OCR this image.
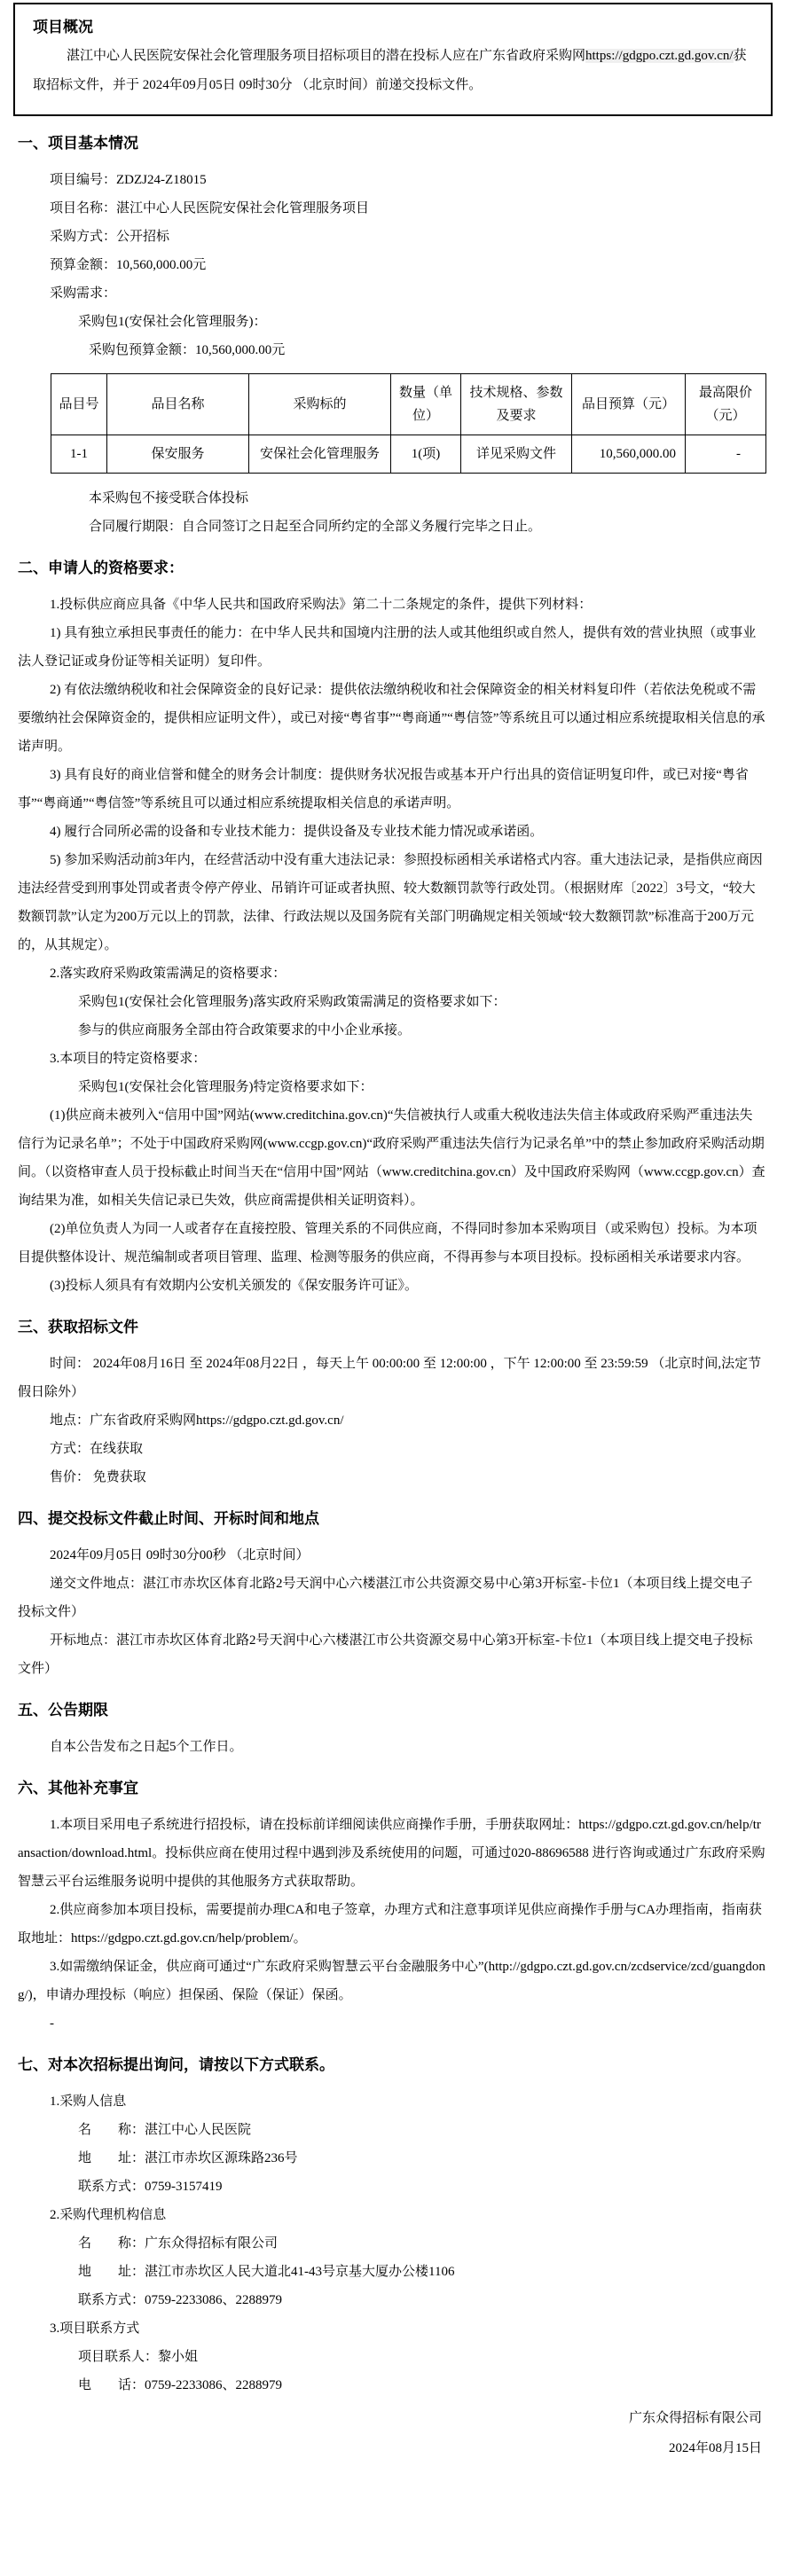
项目概况
湛江中心人民医院安保社会化管理服务项目招标项目的潜在投标人应在广东省政府采购网https://gdgpo.czt.gd.gov.cn/获取招标文件，并于 2024年09月05日 09时30分 （北京时间）前递交投标文件。
一、项目基本情况
项目编号：ZDZJ24-Z18015
项目名称：湛江中心人民医院安保社会化管理服务项目
采购方式：公开招标
预算金额：10,560,000.00元
采购需求：
采购包1(安保社会化管理服务)：
采购包预算金额：10,560,000.00元
品目号	品目名称	采购标的	数量（单位）	技术规格、参数及要求	品目预算（元）	最高限价（元）
1-1	保安服务	安保社会化管理服务	1(项)	详见采购文件	10,560,000.00	-
本采购包不接受联合体投标
合同履行期限：自合同签订之日起至合同所约定的全部义务履行完毕之日止。
二、申请人的资格要求：
1.投标供应商应具备《中华人民共和国政府采购法》第二十二条规定的条件，提供下列材料：
1) 具有独立承担民事责任的能力：在中华人民共和国境内注册的法人或其他组织或自然人，提供有效的营业执照（或事业法人登记证或身份证等相关证明）复印件。
2) 有依法缴纳税收和社会保障资金的良好记录：提供依法缴纳税收和社会保障资金的相关材料复印件（若依法免税或不需要缴纳社会保障资金的，提供相应证明文件），或已对接“粤省事”“粤商通”“粤信签”等系统且可以通过相应系统提取相关信息的承诺声明。
3) 具有良好的商业信誉和健全的财务会计制度：提供财务状况报告或基本开户行出具的资信证明复印件，或已对接“粤省事”“粤商通”“粤信签”等系统且可以通过相应系统提取相关信息的承诺声明。
4) 履行合同所必需的设备和专业技术能力：提供设备及专业技术能力情况或承诺函。
5) 参加采购活动前3年内，在经营活动中没有重大违法记录：参照投标函相关承诺格式内容。重大违法记录，是指供应商因违法经营受到刑事处罚或者责令停产停业、吊销许可证或者执照、较大数额罚款等行政处罚。（根据财库〔2022〕3号文，“较大数额罚款”认定为200万元以上的罚款，法律、行政法规以及国务院有关部门明确规定相关领域“较大数额罚款”标准高于200万元的，从其规定）。
2.落实政府采购政策需满足的资格要求：
采购包1(安保社会化管理服务)落实政府采购政策需满足的资格要求如下：
参与的供应商服务全部由符合政策要求的中小企业承接。
3.本项目的特定资格要求：
采购包1(安保社会化管理服务)特定资格要求如下：
(1)供应商未被列入“信用中国”网站(www.creditchina.gov.cn)“失信被执行人或重大税收违法失信主体或政府采购严重违法失信行为记录名单”；不处于中国政府采购网(www.ccgp.gov.cn)“政府采购严重违法失信行为记录名单”中的禁止参加政府采购活动期间。（以资格审查人员于投标截止时间当天在“信用中国”网站（www.creditchina.gov.cn）及中国政府采购网（www.ccgp.gov.cn）查询结果为准，如相关失信记录已失效，供应商需提供相关证明资料）。
(2)单位负责人为同一人或者存在直接控股、管理关系的不同供应商，不得同时参加本采购项目（或采购包）投标。为本项目提供整体设计、规范编制或者项目管理、监理、检测等服务的供应商，不得再参与本项目投标。投标函相关承诺要求内容。
(3)投标人须具有有效期内公安机关颁发的《保安服务许可证》。
三、获取招标文件
时间： 2024年08月16日 至 2024年08月22日 ，每天上午 00:00:00 至 12:00:00 ，下午 12:00:00 至 23:59:59 （北京时间,法定节假日除外）
地点：广东省政府采购网https://gdgpo.czt.gd.gov.cn/
方式：在线获取
售价： 免费获取
四、提交投标文件截止时间、开标时间和地点
2024年09月05日 09时30分00秒 （北京时间）
递交文件地点：湛江市赤坎区体育北路2号天润中心六楼湛江市公共资源交易中心第3开标室-卡位1（本项目线上提交电子投标文件）
开标地点：湛江市赤坎区体育北路2号天润中心六楼湛江市公共资源交易中心第3开标室-卡位1（本项目线上提交电子投标文件）
五、公告期限
自本公告发布之日起5个工作日。
六、其他补充事宜
1.本项目采用电子系统进行招投标，请在投标前详细阅读供应商操作手册，手册获取网址：https://gdgpo.czt.gd.gov.cn/help/transaction/download.html。投标供应商在使用过程中遇到涉及系统使用的问题，可通过020-88696588 进行咨询或通过广东政府采购智慧云平台运维服务说明中提供的其他服务方式获取帮助。
2.供应商参加本项目投标，需要提前办理CA和电子签章，办理方式和注意事项详见供应商操作手册与CA办理指南，指南获取地址：https://gdgpo.czt.gd.gov.cn/help/problem/。
3.如需缴纳保证金，供应商可通过“广东政府采购智慧云平台金融服务中心”(http://gdgpo.czt.gd.gov.cn/zcdservice/zcd/guangdong/)，申请办理投标（响应）担保函、保险（保证）保函。
-
七、对本次招标提出询问，请按以下方式联系。
1.采购人信息
名　　称：湛江中心人民医院
地　　址：湛江市赤坎区源珠路236号
联系方式：0759-3157419
2.采购代理机构信息
名　　称：广东众得招标有限公司
地　　址：湛江市赤坎区人民大道北41-43号京基大厦办公楼1106
联系方式：0759-2233086、2288979
3.项目联系方式
项目联系人：黎小姐
电　　话：0759-2233086、2288979
广东众得招标有限公司
2024年08月15日
